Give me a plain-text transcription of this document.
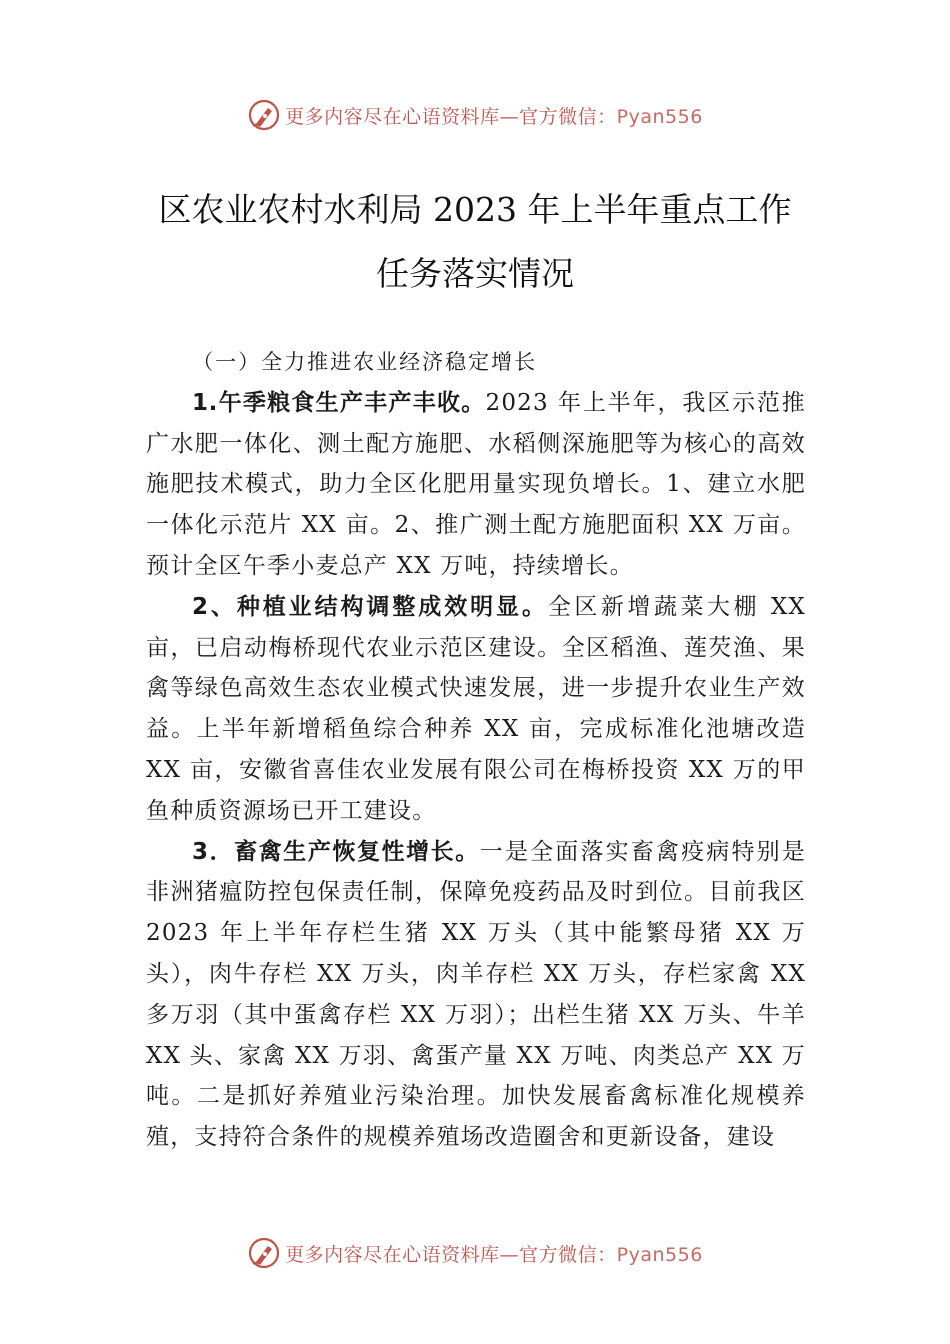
更多内容尽在心语资料库—官方微信：Pyan556
区农业农村水利局 2023 年上半年重点工作
任务落实情况

（一）全力推进农业经济稳定增长

1.午季粮食生产丰产丰收。2023 年上半年，我区示范推广水肥一体化、测土配方施肥、水稻侧深施肥等为核心的高效施肥技术模式，助力全区化肥用量实现负增长。1、建立水肥一体化示范片 XX 亩。2、推广测土配方施肥面积 XX 万亩。预计全区午季小麦总产 XX 万吨，持续增长。

2、种植业结构调整成效明显。全区新增蔬菜大棚 XX 亩，已启动梅桥现代农业示范区建设。全区稻渔、莲芡渔、果禽等绿色高效生态农业模式快速发展，进一步提升农业生产效益。上半年新增稻鱼综合种养 XX 亩，完成标准化池塘改造 XX 亩，安徽省喜佳农业发展有限公司在梅桥投资 XX 万的甲鱼种质资源场已开工建设。

3．畜禽生产恢复性增长。一是全面落实畜禽疫病特别是非洲猪瘟防控包保责任制，保障免疫药品及时到位。目前我区 2023 年上半年存栏生猪 XX 万头（其中能繁母猪 XX 万头），肉牛存栏 XX 万头，肉羊存栏 XX 万头，存栏家禽 XX 多万羽（其中蛋禽存栏 XX 万羽）；出栏生猪 XX 万头、牛羊 XX 头、家禽 XX 万羽、禽蛋产量 XX 万吨、肉类总产 XX 万吨。二是抓好养殖业污染治理。加快发展畜禽标准化规模养殖，支持符合条件的规模养殖场改造圈舍和更新设备，建设

更多内容尽在心语资料库—官方微信：Pyan556
